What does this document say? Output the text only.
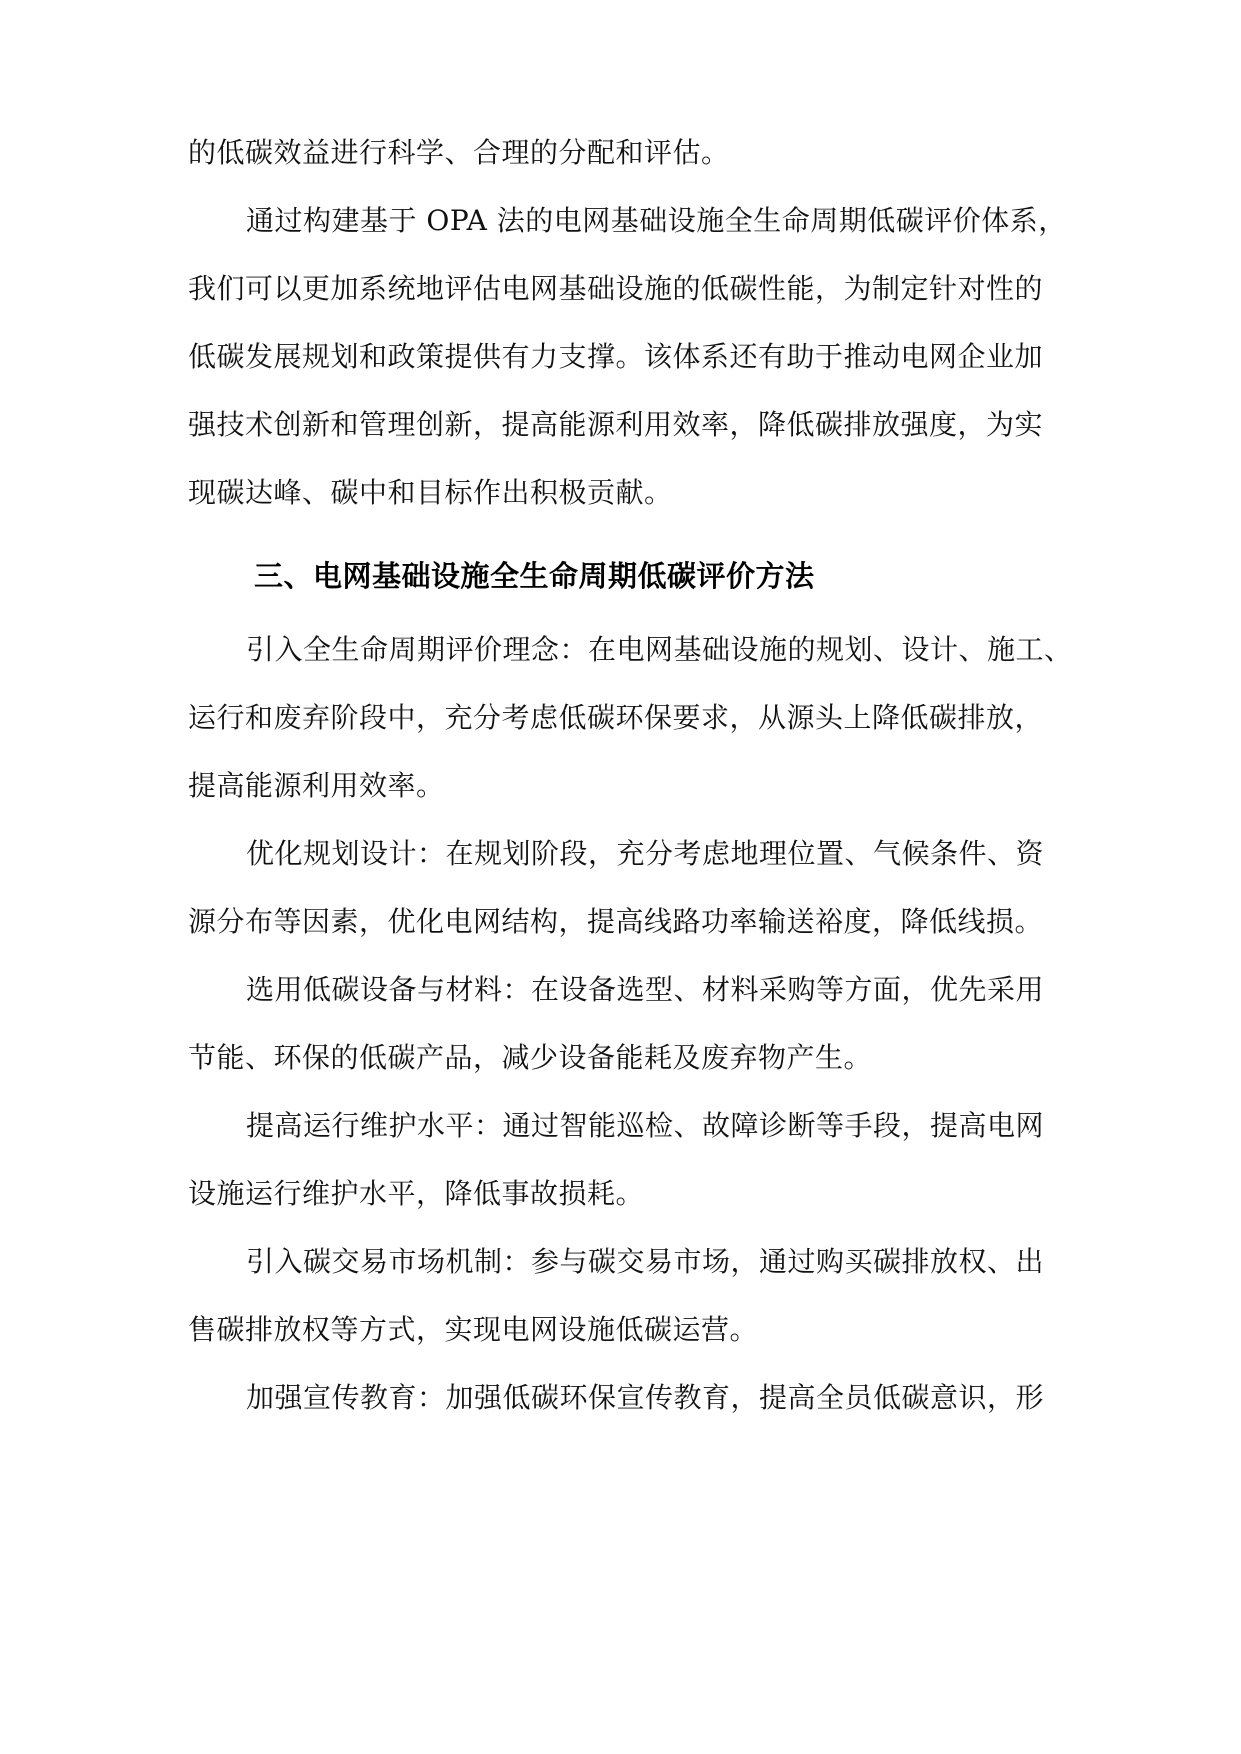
的低碳效益进行科学、合理的分配和评估。

通过构建基于 OPA 法的电网基础设施全生命周期低碳评价体系，

我们可以更加系统地评估电网基础设施的低碳性能，为制定针对性的

低碳发展规划和政策提供有力支撑。该体系还有助于推动电网企业加

强技术创新和管理创新，提高能源利用效率，降低碳排放强度，为实

现碳达峰、碳中和目标作出积极贡献。

三、电网基础设施全生命周期低碳评价方法

引入全生命周期评价理念：在电网基础设施的规划、设计、施工、

运行和废弃阶段中，充分考虑低碳环保要求，从源头上降低碳排放，

提高能源利用效率。

优化规划设计：在规划阶段，充分考虑地理位置、气候条件、资

源分布等因素，优化电网结构，提高线路功率输送裕度，降低线损。

选用低碳设备与材料：在设备选型、材料采购等方面，优先采用

节能、环保的低碳产品，减少设备能耗及废弃物产生。

提高运行维护水平：通过智能巡检、故障诊断等手段，提高电网

设施运行维护水平，降低事故损耗。

引入碳交易市场机制：参与碳交易市场，通过购买碳排放权、出

售碳排放权等方式，实现电网设施低碳运营。

加强宣传教育：加强低碳环保宣传教育，提高全员低碳意识，形
